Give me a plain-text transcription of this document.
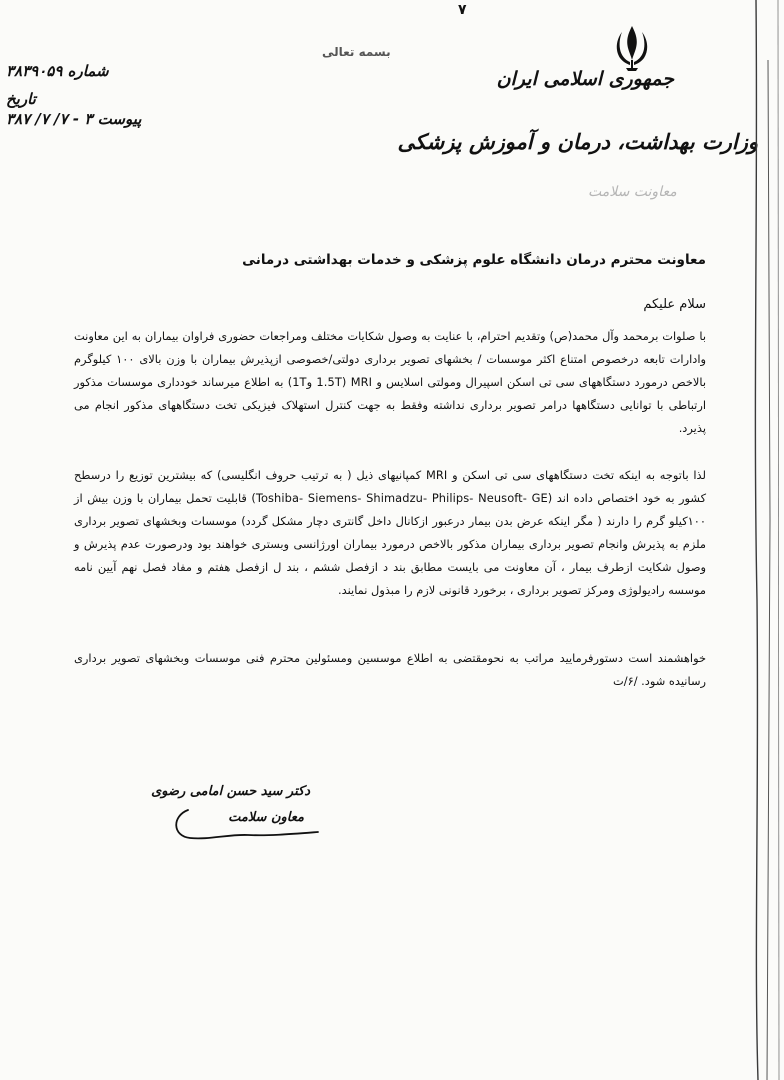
٧
بسمه تعالی
جمهوری اسلامی ایران
وزارت بهداشت، درمان و آموزش پزشکی
معاونت سلامت
شماره ۳۸۳۹۰۵۹
تاریخ
پیوست ۳ - ۷/ ۷/ ۳۸۷
معاونت محترم درمان دانشگاه علوم پزشکی و خدمات بهداشتی درمانی
سلام علیکم
با صلوات برمحمد وآل محمد(ص) وتقدیم احترام، با عنایت به وصول شکایات مختلف ومراجعات حضوری فراوان بیماران به این معاونت وادارات تابعه درخصوص امتناع اکثر موسسات / بخشهای تصویر برداری دولتی/خصوصی ازپذیرش بیماران با وزن بالای ۱۰۰ کیلوگرم بالاخص درمورد دستگاههای سی تی اسکن اسپیرال ومولتی اسلایس و MRI (1.5T و1T) به اطلاع میرساند خودداری موسسات مذکور ارتباطی با توانایی دستگاهها درامر تصویر برداری نداشته وفقط به جهت کنترل استهلاک فیزیکی تخت دستگاههای مذکور انجام می پذیرد.
لذا باتوجه به اینکه تخت دستگاههای سی تی اسکن و MRI کمپانیهای ذیل ( به ترتیب حروف انگلیسی) که بیشترین توزیع را درسطح کشور به خود اختصاص داده اند (Toshiba- Siemens- Shimadzu- Philips- Neusoft- GE) قابلیت تحمل بیماران با وزن بیش از ۱۰۰کیلو گرم را دارند ( مگر اینکه عرض بدن بیمار درعبور ازکانال داخل گانتری دچار مشکل گردد) موسسات وبخشهای تصویر برداری ملزم به پذیرش وانجام تصویر برداری بیماران مذکور بالاخص درمورد بیماران اورژانسی وبستری خواهند بود ودرصورت عدم پذیرش و وصول شکایت ازطرف بیمار ، آن معاونت می بایست مطابق بند د ازفصل ششم ، بند ل ازفصل هفتم و مفاد فصل نهم آیین نامه موسسه رادیولوژی ومرکز تصویر برداری ، برخورد قانونی لازم را مبذول نمایند.
خواهشمند است دستورفرمایید مراتب به نحومقتضی به اطلاع موسسین ومسئولین محترم فنی موسسات وبخشهای تصویر برداری رسانیده شود. /۶/ت
دکتر سید حسن امامی رضوی
معاون سلامت
